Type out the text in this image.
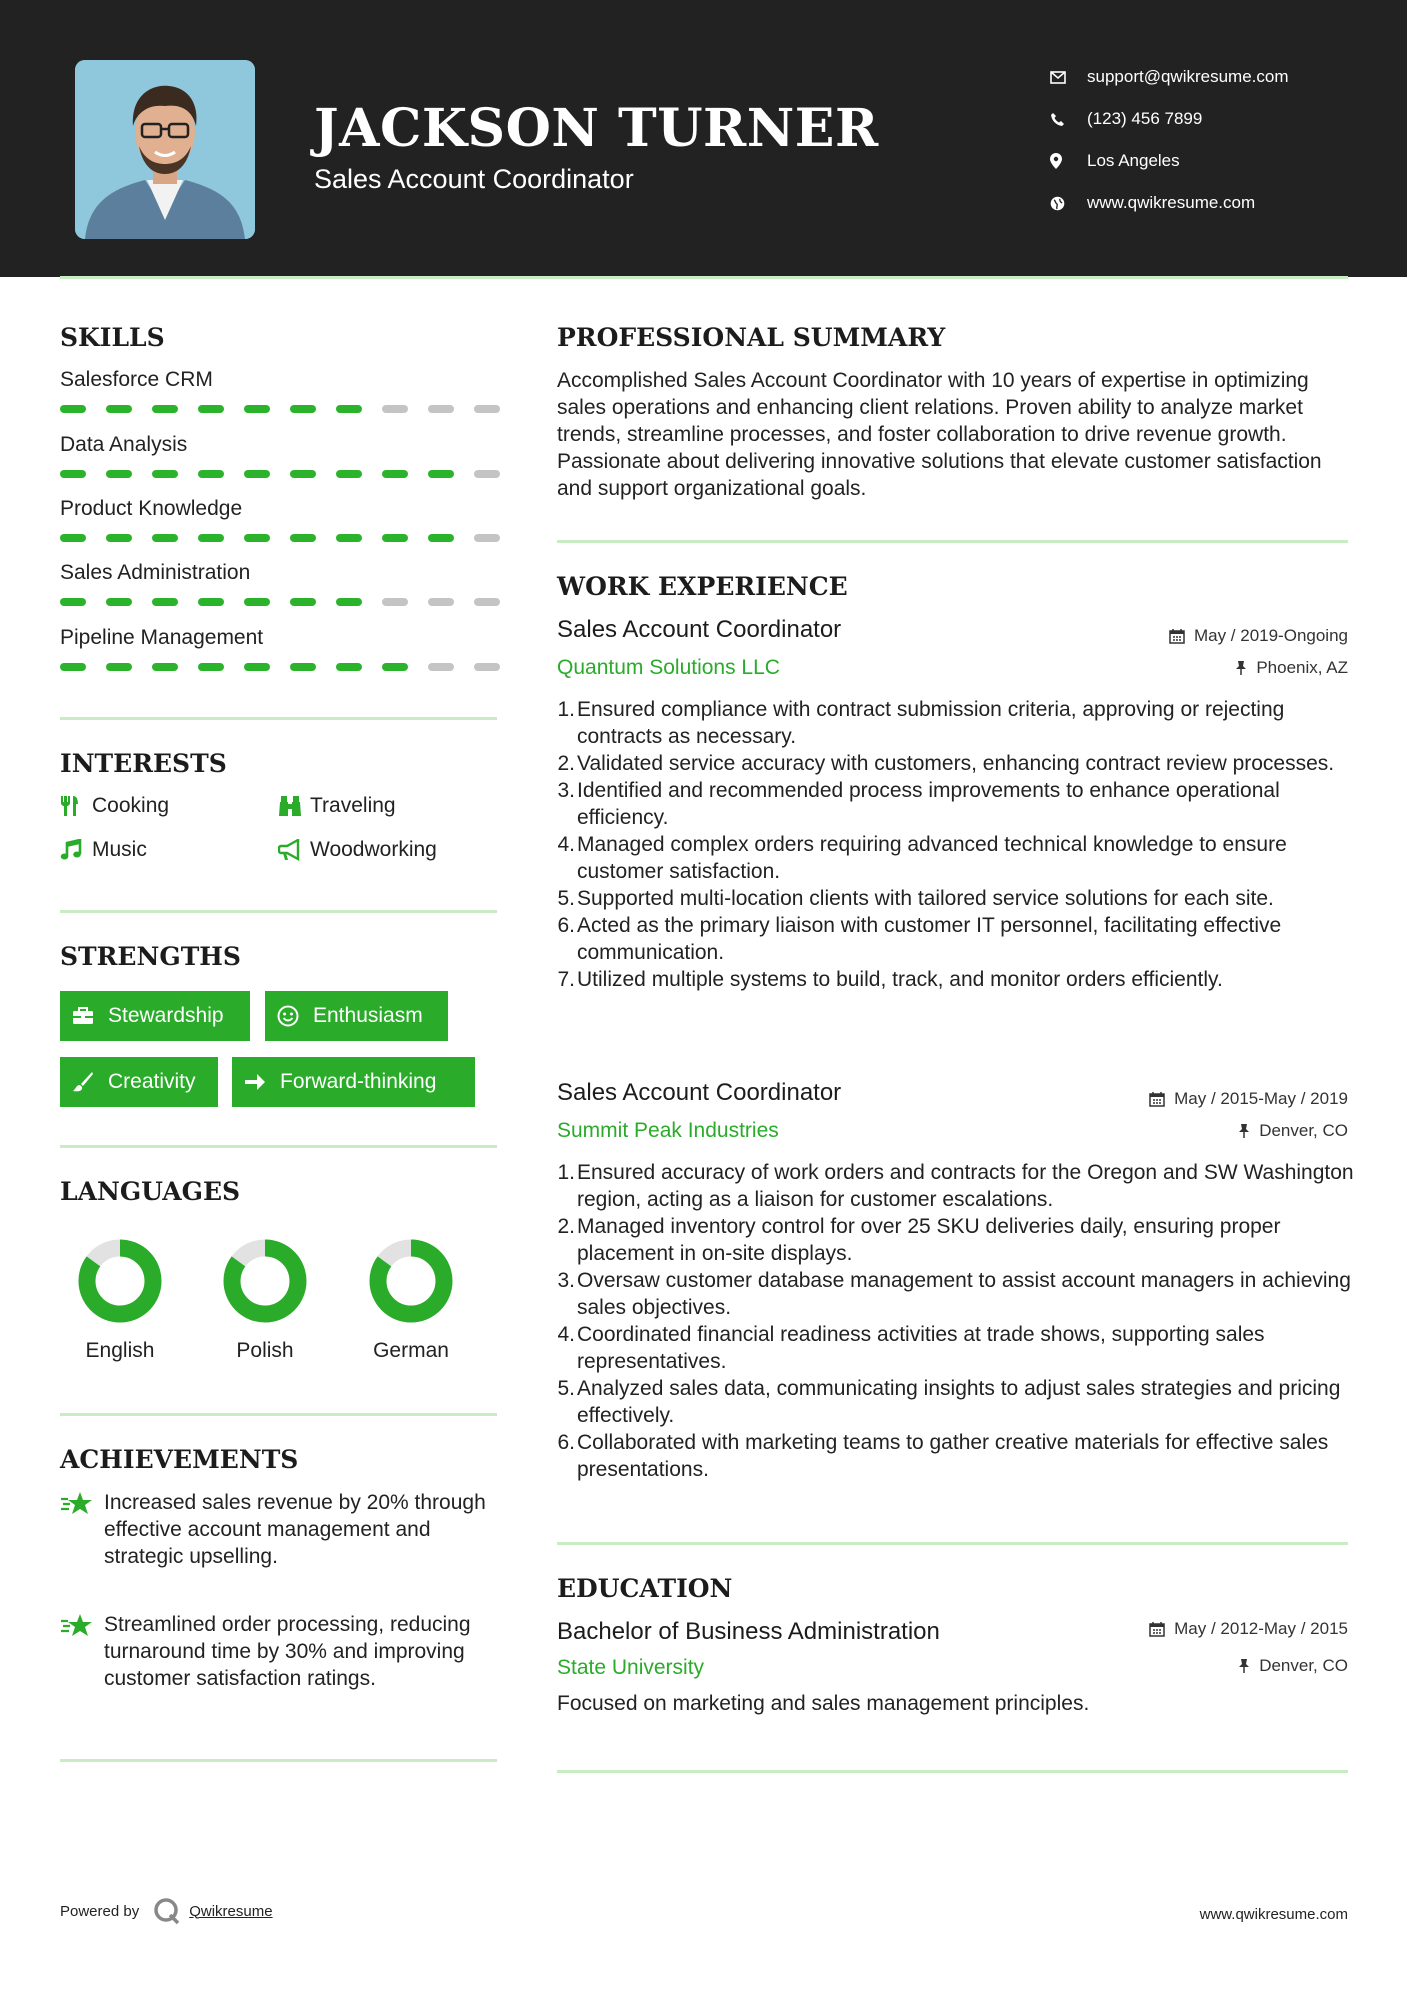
JACKSON TURNER
Sales Account Coordinator
support@qwikresume.com
(123) 456 7899
Los Angeles
www.qwikresume.com
SKILLS
Salesforce CRM
Data Analysis
Product Knowledge
Sales Administration
Pipeline Management
INTERESTS
Cooking	Traveling
Music	Woodworking
STRENGTHS
Stewardship	Enthusiasm
Creativity	Forward-thinking
LANGUAGES
English	Polish	German
ACHIEVEMENTS
Increased sales revenue by 20% through effective account management and strategic upselling.
Streamlined order processing, reducing turnaround time by 30% and improving customer satisfaction ratings.
PROFESSIONAL SUMMARY
Accomplished Sales Account Coordinator with 10 years of expertise in optimizing sales operations and enhancing client relations. Proven ability to analyze market trends, streamline processes, and foster collaboration to drive revenue growth. Passionate about delivering innovative solutions that elevate customer satisfaction and support organizational goals.
WORK EXPERIENCE
Sales Account Coordinator	May / 2019-Ongoing
Quantum Solutions LLC	Phoenix, AZ
1. Ensured compliance with contract submission criteria, approving or rejecting contracts as necessary.
2. Validated service accuracy with customers, enhancing contract review processes.
3. Identified and recommended process improvements to enhance operational efficiency.
4. Managed complex orders requiring advanced technical knowledge to ensure customer satisfaction.
5. Supported multi-location clients with tailored service solutions for each site.
6. Acted as the primary liaison with customer IT personnel, facilitating effective communication.
7. Utilized multiple systems to build, track, and monitor orders efficiently.
Sales Account Coordinator	May / 2015-May / 2019
Summit Peak Industries	Denver, CO
1. Ensured accuracy of work orders and contracts for the Oregon and SW Washington region, acting as a liaison for customer escalations.
2. Managed inventory control for over 25 SKU deliveries daily, ensuring proper placement in on-site displays.
3. Oversaw customer database management to assist account managers in achieving sales objectives.
4. Coordinated financial readiness activities at trade shows, supporting sales representatives.
5. Analyzed sales data, communicating insights to adjust sales strategies and pricing effectively.
6. Collaborated with marketing teams to gather creative materials for effective sales presentations.
EDUCATION
Bachelor of Business Administration	May / 2012-May / 2015
State University	Denver, CO
Focused on marketing and sales management principles.
Powered by	Qwikresume	www.qwikresume.com
